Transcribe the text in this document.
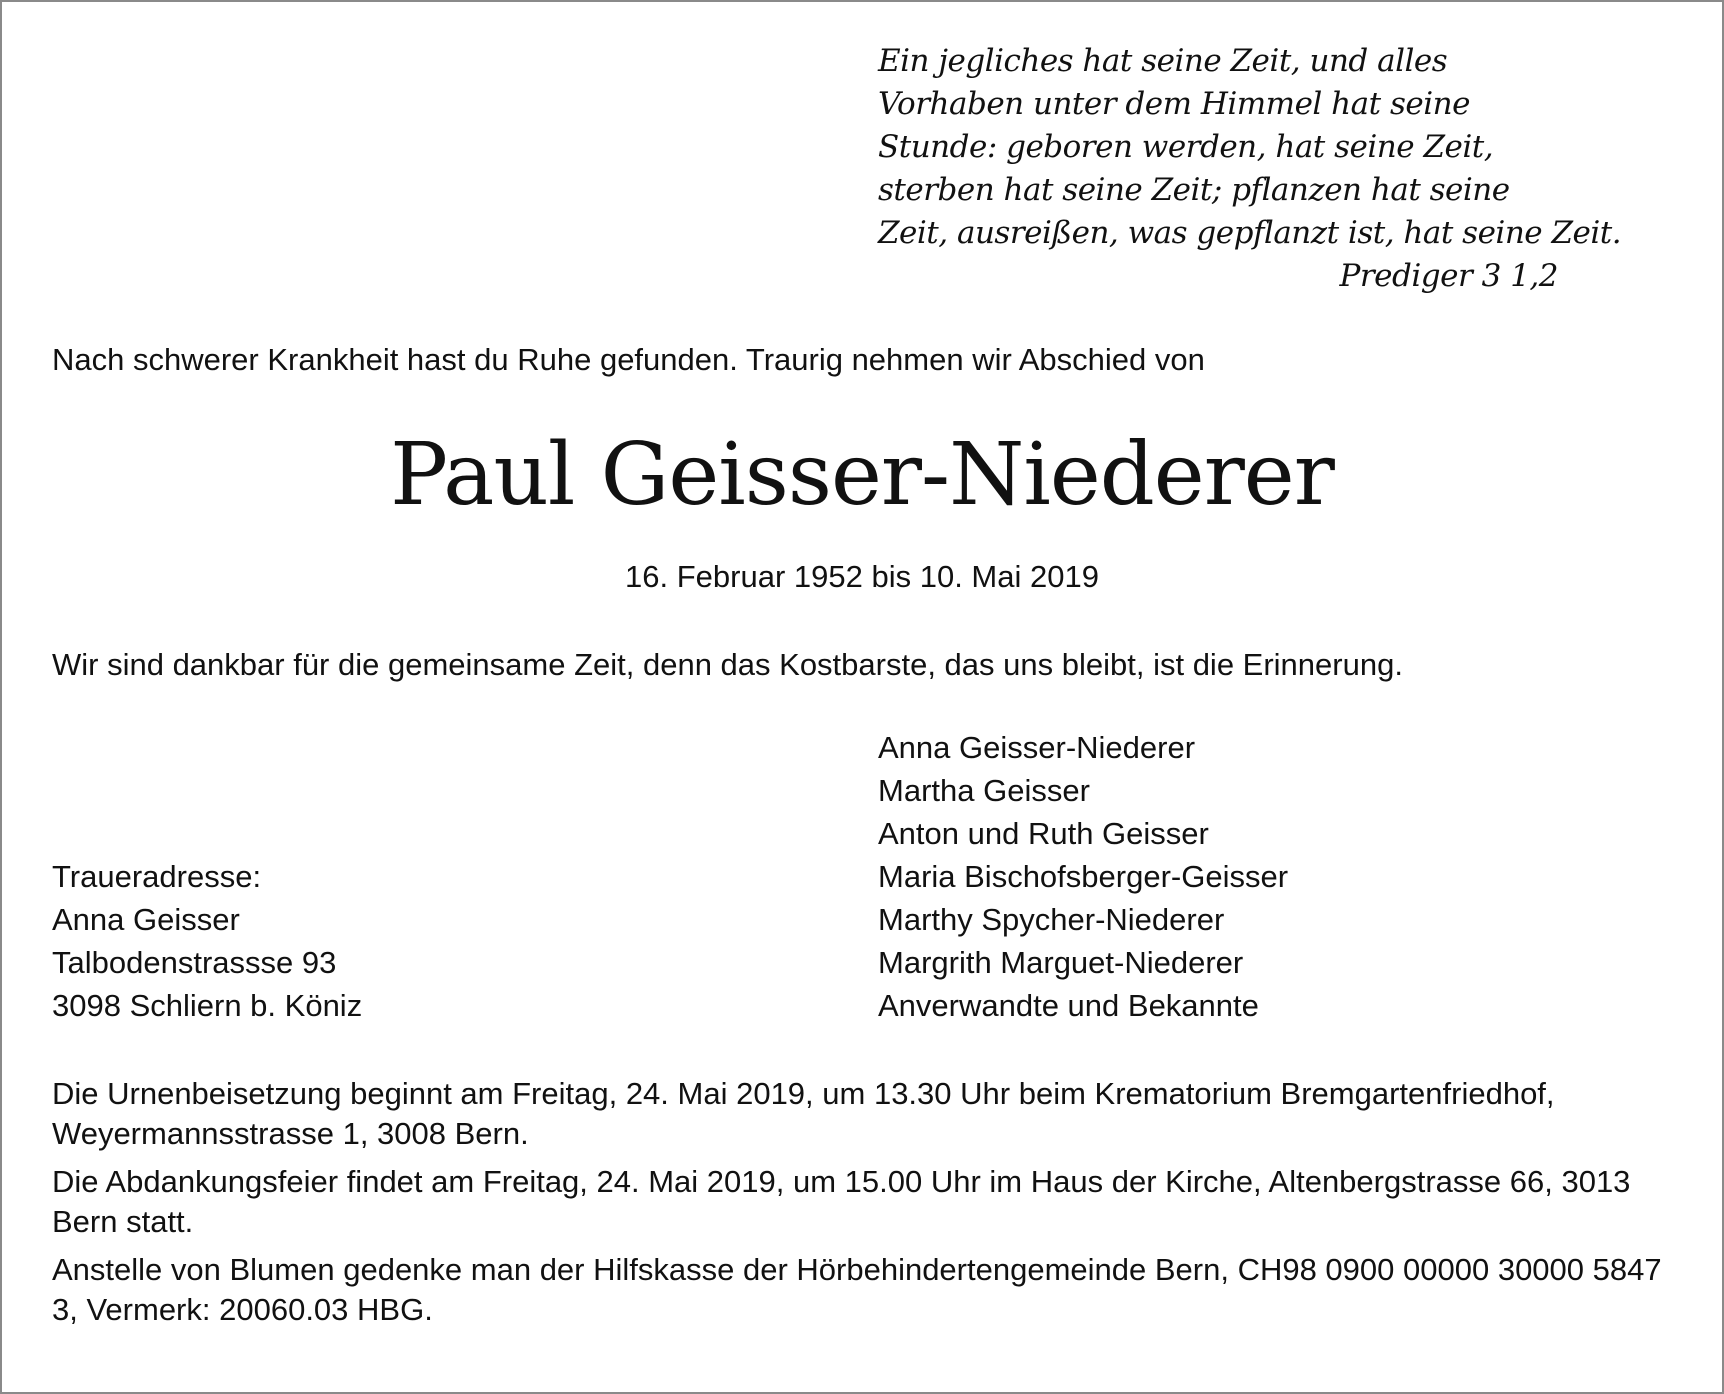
Ein jegliches hat seine Zeit, und alles
Vorhaben unter dem Himmel hat seine
Stunde: geboren werden, hat seine Zeit,
sterben hat seine Zeit; pflanzen hat seine
Zeit, ausreißen, was gepflanzt ist, hat seine Zeit.
Prediger 3 1,2
Nach schwerer Krankheit hast du Ruhe gefunden. Traurig nehmen wir Abschied von
Paul Geisser-Niederer
16. Februar 1952 bis 10. Mai 2019
Wir sind dankbar für die gemeinsame Zeit, denn das Kostbarste, das uns bleibt, ist die Erinnerung.
Anna Geisser-Niederer
Martha Geisser
Anton und Ruth Geisser
Maria Bischofsberger-Geisser
Marthy Spycher-Niederer
Margrith Marguet-Niederer
Anverwandte und Bekannte
Traueradresse:
Anna Geisser
Talbodenstrassse 93
3098 Schliern b. Köniz

Die Urnenbeisetzung beginnt am Freitag, 24. Mai 2019, um 13.30 Uhr beim Krematorium Bremgartenfriedhof, Weyermannsstrasse 1, 3008 Bern.

Die Abdankungsfeier findet am Freitag, 24. Mai 2019, um 15.00 Uhr im Haus der Kirche, Altenbergstrasse 66, 3013 Bern statt.

Anstelle von Blumen gedenke man der Hilfskasse der Hörbehindertengemeinde Bern, CH98 0900 00000 30000 5847 3, Vermerk: 20060.03 HBG.
